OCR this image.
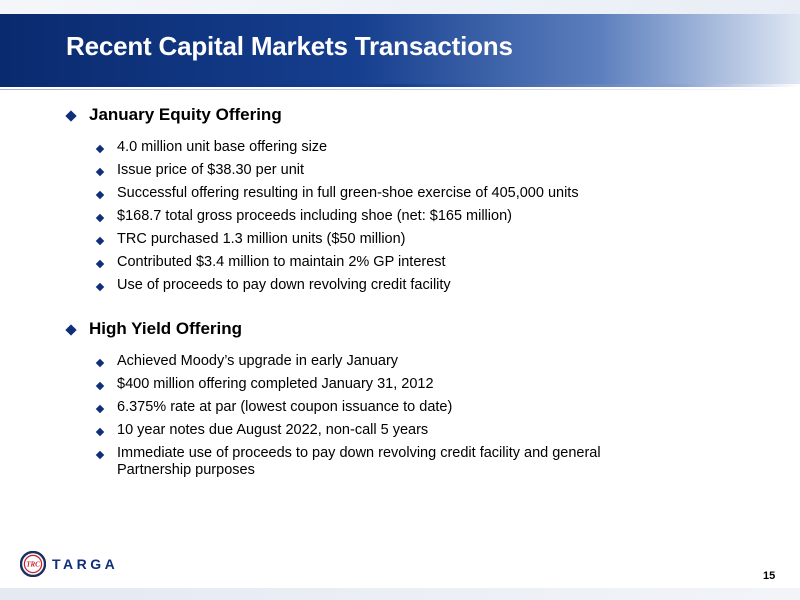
Recent Capital Markets Transactions
January Equity Offering
4.0 million unit base offering size
Issue price of $38.30 per unit
Successful offering resulting in full green-shoe exercise of 405,000 units
$168.7 total gross proceeds including shoe (net: $165 million)
TRC purchased 1.3 million units ($50 million)
Contributed $3.4 million to maintain 2% GP interest
Use of proceeds to pay down revolving credit facility
High Yield Offering
Achieved Moody’s upgrade in early January
$400 million offering completed January 31, 2012
6.375% rate at par (lowest coupon issuance to date)
10 year notes due August 2022, non-call 5 years
Immediate use of proceeds to pay down revolving credit facility and general Partnership purposes
TRC TARGA
15
